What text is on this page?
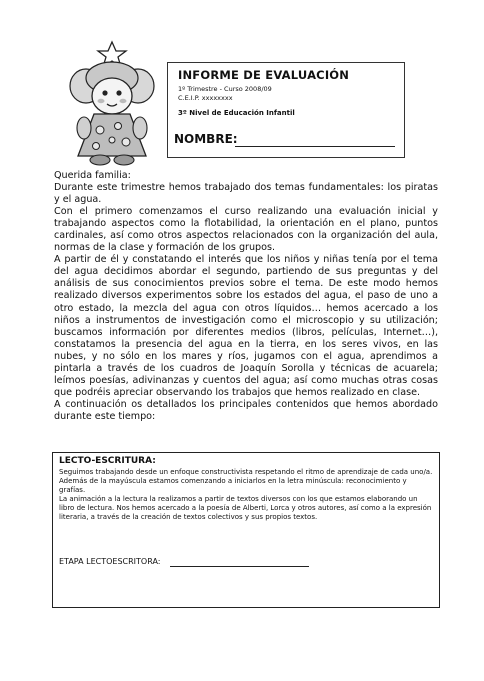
INFORME DE EVALUACIÓN
1º Trimestre - Curso 2008/09
C.E.I.P. xxxxxxxx
3º Nivel de Educación Infantil
NOMBRE:

Querida familia:

Durante este trimestre hemos trabajado dos temas fundamentales: los piratas y el agua.

Con el primero comenzamos el curso realizando una evaluación inicial y trabajando aspectos como la flotabilidad, la orientación en el plano, puntos cardinales, así como otros aspectos relacionados con la organización del aula, normas de la clase y formación de los grupos.

A partir de él y constatando el interés que los niños y niñas tenía por el tema del agua decidimos abordar el segundo, partiendo de sus preguntas y del análisis de sus conocimientos previos sobre el tema. De este modo hemos realizado diversos experimentos sobre los estados del agua, el paso de uno a otro estado, la mezcla del agua con otros líquidos… hemos acercado a los niños a instrumentos de investigación como el microscopio y su utilización; buscamos información por diferentes medios (libros, películas, Internet…), constatamos la presencia del agua en la tierra, en los seres vivos, en las nubes, y no sólo en los mares y ríos, jugamos con el agua, aprendimos a pintarla a través de los cuadros de Joaquín Sorolla y técnicas de acuarela; leímos poesías, adivinanzas y cuentos del agua; así como muchas otras cosas que podréis apreciar observando los trabajos que hemos realizado en clase.

A continuación os detallados los principales contenidos que hemos abordado durante este tiempo:

LECTO-ESCRITURA:

Seguimos trabajando desde un enfoque constructivista respetando el ritmo de aprendizaje de cada uno/a. Además de la mayúscula estamos comenzando a iniciarlos en la letra minúscula: reconocimiento y grafías.

La animación a la lectura la realizamos a partir de textos diversos con los que estamos elaborando un libro de lectura. Nos hemos acercado a la poesía de Alberti, Lorca y otros autores, así como a la expresión literaria, a través de la creación de textos colectivos y sus propios textos.

ETAPA LECTOESCRITORA:
